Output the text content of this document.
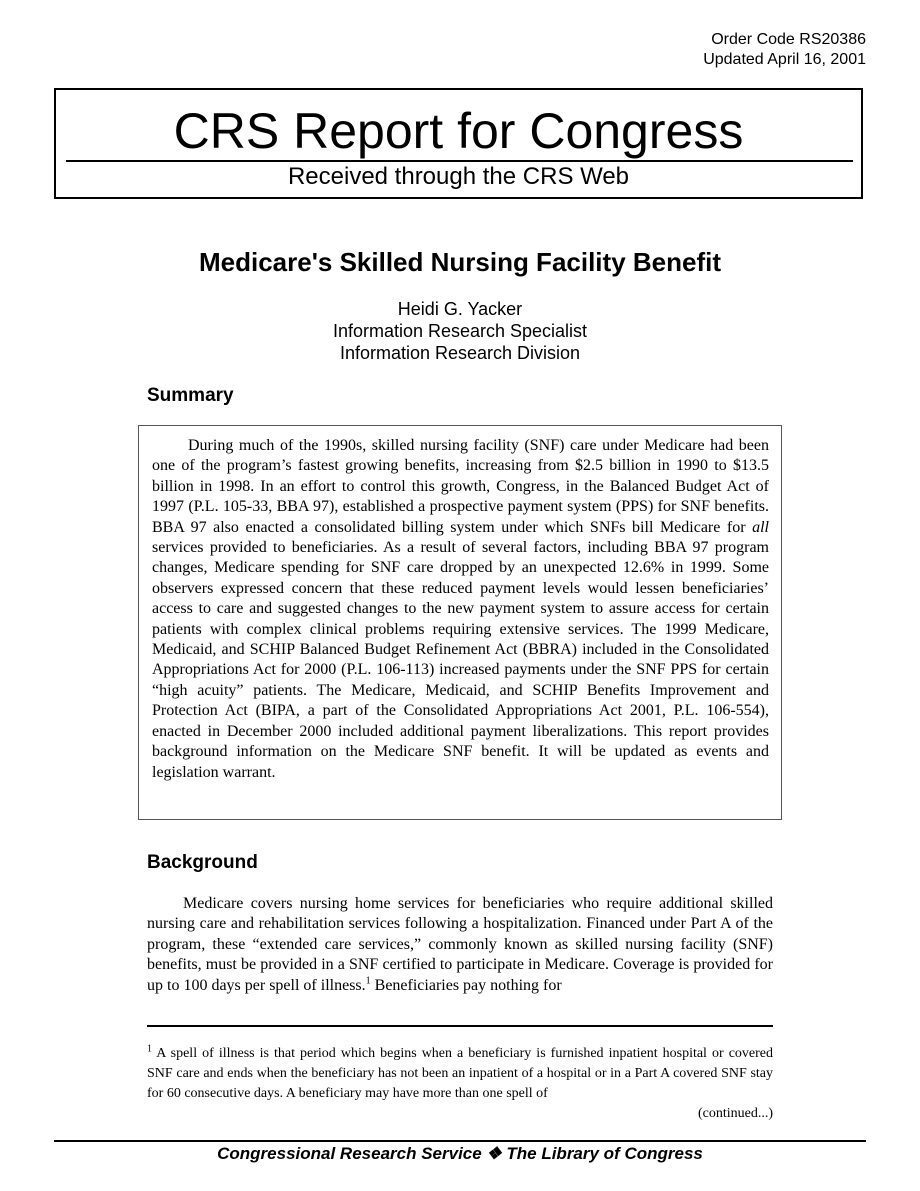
Order Code RS20386
Updated April 16, 2001
CRS Report for Congress
Received through the CRS Web
Medicare's Skilled Nursing Facility Benefit
Heidi G. Yacker
Information Research Specialist
Information Research Division
Summary

During much of the 1990s, skilled nursing facility (SNF) care under Medicare had been one of the program’s fastest growing benefits, increasing from $2.5 billion in 1990 to $13.5 billion in 1998. In an effort to control this growth, Congress, in the Balanced Budget Act of 1997 (P.L. 105-33, BBA 97), established a prospective payment system (PPS) for SNF benefits. BBA 97 also enacted a consolidated billing system under which SNFs bill Medicare for all services provided to beneficiaries. As a result of several factors, including BBA 97 program changes, Medicare spending for SNF care dropped by an unexpected 12.6% in 1999. Some observers expressed concern that these reduced payment levels would lessen beneficiaries’ access to care and suggested changes to the new payment system to assure access for certain patients with complex clinical problems requiring extensive services. The 1999 Medicare, Medicaid, and SCHIP Balanced Budget Refinement Act (BBRA) included in the Consolidated Appropriations Act for 2000 (P.L. 106-113) increased payments under the SNF PPS for certain “high acuity” patients. The Medicare, Medicaid, and SCHIP Benefits Improvement and Protection Act (BIPA, a part of the Consolidated Appropriations Act 2001, P.L. 106-554), enacted in December 2000 included additional payment liberalizations. This report provides background information on the Medicare SNF benefit. It will be updated as events and legislation warrant.

Background

Medicare covers nursing home services for beneficiaries who require additional skilled nursing care and rehabilitation services following a hospitalization. Financed under Part A of the program, these “extended care services,” commonly known as skilled nursing facility (SNF) benefits, must be provided in a SNF certified to participate in Medicare. Coverage is provided for up to 100 days per spell of illness.$^1$ Beneficiaries pay nothing for

$^1$ A spell of illness is that period which begins when a beneficiary is furnished inpatient hospital or covered SNF care and ends when the beneficiary has not been an inpatient of a hospital or in a Part A covered SNF stay for 60 consecutive days. A beneficiary may have more than one spell of
(continued...)
Congressional Research Service ❖ The Library of Congress
